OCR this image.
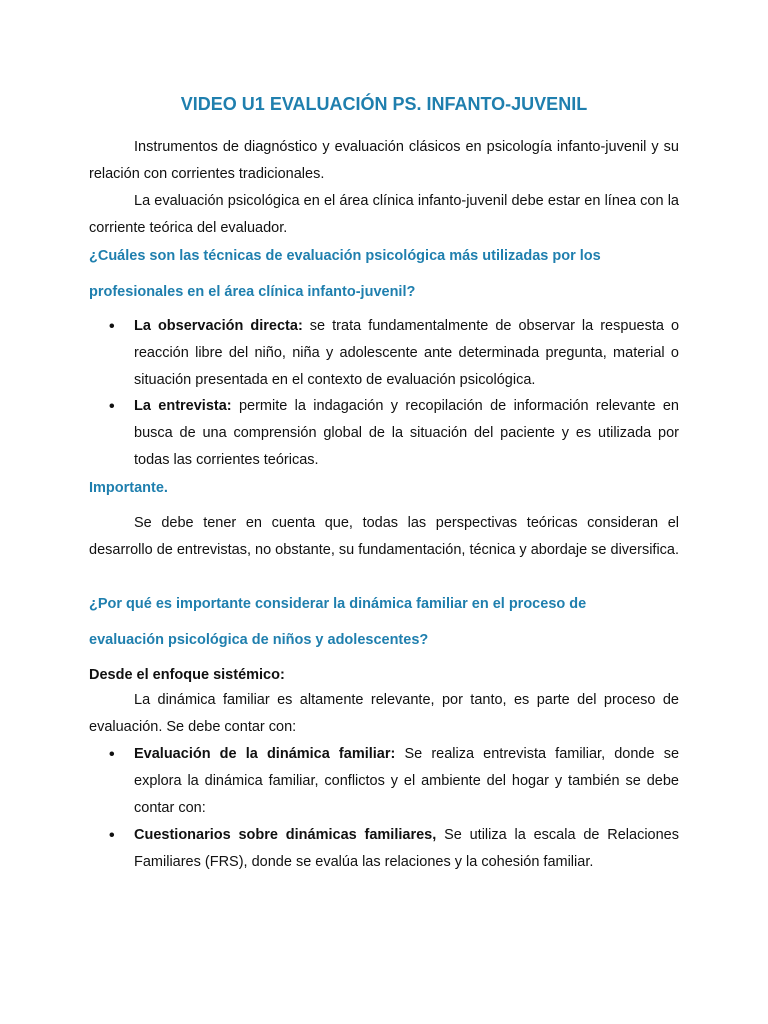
VIDEO U1 EVALUACIÓN PS. INFANTO-JUVENIL

Instrumentos de diagnóstico y evaluación clásicos en psicología infanto-juvenil y su relación con corrientes tradicionales.

La evaluación psicológica en el área clínica infanto-juvenil debe estar en línea con la corriente teórica del evaluador.

¿Cuáles son las técnicas de evaluación psicológica más utilizadas por los
profesionales en el área clínica infanto-juvenil?
• La observación directa: se trata fundamentalmente de observar la respuesta o reacción libre del niño, niña y adolescente ante determinada pregunta, material o situación presentada en el contexto de evaluación psicológica.

• La entrevista: permite la indagación y recopilación de información relevante en busca de una comprensión global de la situación del paciente y es utilizada por todas las corrientes teóricas.

Importante.

Se debe tener en cuenta que, todas las perspectivas teóricas consideran el desarrollo de entrevistas, no obstante, su fundamentación, técnica y abordaje se diversifica.

¿Por qué es importante considerar la dinámica familiar en el proceso de
evaluación psicológica de niños y adolescentes?
Desde el enfoque sistémico:

La dinámica familiar es altamente relevante, por tanto, es parte del proceso de evaluación. Se debe contar con:

• Evaluación de la dinámica familiar: Se realiza entrevista familiar, donde se explora la dinámica familiar, conflictos y el ambiente del hogar y también se debe contar con:

• Cuestionarios sobre dinámicas familiares, Se utiliza la escala de Relaciones Familiares (FRS), donde se evalúa las relaciones y la cohesión familiar.
